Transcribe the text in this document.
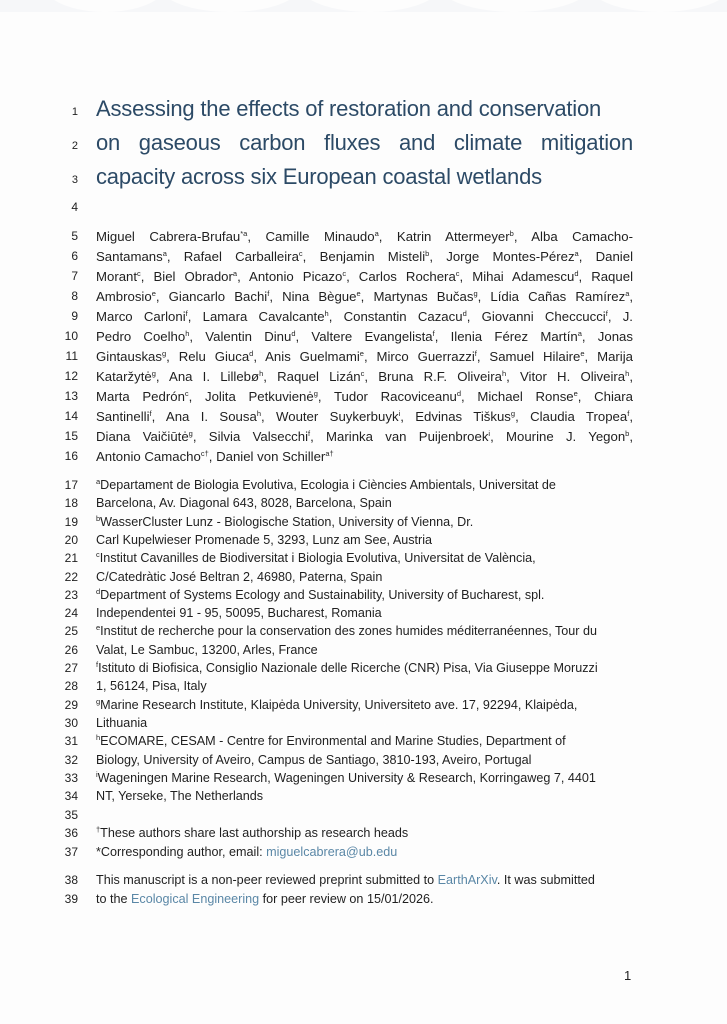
1 Assessing the effects of restoration and conservation
2 on gaseous carbon fluxes and climate mitigation
3 capacity across six European coastal wetlands
4
5 Miguel Cabrera-Brufau$^{*a}$, Camille Minaudo$^a$, Katrin Attermeyer$^b$, Alba Camacho-
6 Santamans$^a$, Rafael Carballeira$^c$, Benjamin Misteli$^b$, Jorge Montes-Pérez$^a$, Daniel
7 Morant$^c$, Biel Obrador$^a$, Antonio Picazo$^c$, Carlos Rochera$^c$, Mihai Adamescu$^d$, Raquel
8 Ambrosio$^e$, Giancarlo Bachi$^f$, Nina Bègue$^e$, Martynas Bučas$^g$, Lídia Cañas Ramírez$^a$,
9 Marco Carloni$^f$, Lamara Cavalcante$^h$, Constantin Cazacu$^d$, Giovanni Checcucci$^f$, J.
10 Pedro Coelho$^h$, Valentin Dinu$^d$, Valtere Evangelista$^f$, Ilenia Férez Martín$^a$, Jonas
11 Gintauskas$^g$, Relu Giuca$^d$, Anis Guelmami$^e$, Mirco Guerrazzi$^f$, Samuel Hilaire$^e$, Marija
12 Kataržytė$^g$, Ana I. Lillebø$^h$, Raquel Lizán$^c$, Bruna R.F. Oliveira$^h$, Vitor H. Oliveira$^h$,
13 Marta Pedrón$^c$, Jolita Petkuvienė$^g$, Tudor Racoviceanu$^d$, Michael Ronse$^e$, Chiara
14 Santinelli$^f$, Ana I. Sousa$^h$, Wouter Suykerbuyk$^i$, Edvinas Tiškus$^g$, Claudia Tropea$^f$,
15 Diana Vaičiūtė$^g$, Silvia Valsecchi$^f$, Marinka van Puijenbroek$^i$, Mourine J. Yegon$^b$,
16 Antonio Camacho$^{c\dagger}$, Daniel von Schiller$^{a\dagger}$
17 $^a$Departament de Biologia Evolutiva, Ecologia i Ciències Ambientals, Universitat de
18 Barcelona, Av. Diagonal 643, 8028, Barcelona, Spain
19 $^b$WasserCluster Lunz - Biologische Station, University of Vienna, Dr.
20 Carl Kupelwieser Promenade 5, 3293, Lunz am See, Austria
21 $^c$Institut Cavanilles de Biodiversitat i Biologia Evolutiva, Universitat de València,
22 C/Catedràtic José Beltran 2, 46980, Paterna, Spain
23 $^d$Department of Systems Ecology and Sustainability, University of Bucharest, spl.
24 Independentei 91 - 95, 50095, Bucharest, Romania
25 $^e$Institut de recherche pour la conservation des zones humides méditerranéennes, Tour du
26 Valat, Le Sambuc, 13200, Arles, France
27 $^f$Istituto di Biofisica, Consiglio Nazionale delle Ricerche (CNR) Pisa, Via Giuseppe Moruzzi
28 1, 56124, Pisa, Italy
29 $^g$Marine Research Institute, Klaipėda University, Universiteto ave. 17, 92294, Klaipėda,
30 Lithuania
31 $^h$ECOMARE, CESAM - Centre for Environmental and Marine Studies, Department of
32 Biology, University of Aveiro, Campus de Santiago, 3810-193, Aveiro, Portugal
33 $^i$Wageningen Marine Research, Wageningen University & Research, Korringaweg 7, 4401
34 NT, Yerseke, The Netherlands
35
36 †These authors share last authorship as research heads
37 *Corresponding author, email: miguelcabrera@ub.edu
38 This manuscript is a non-peer reviewed preprint submitted to EarthArXiv. It was submitted
39 to the Ecological Engineering for peer review on 15/01/2026.
1
